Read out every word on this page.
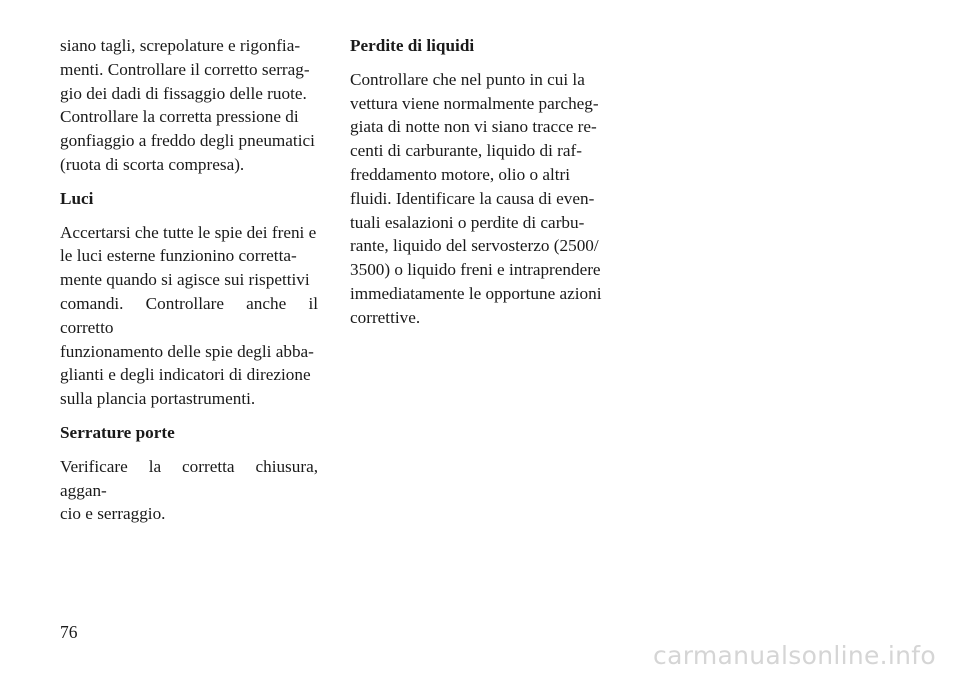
siano tagli, screpolature e rigonfia-

menti. Controllare il corretto serrag-

gio dei dadi di fissaggio delle ruote.

Controllare la corretta pressione di

gonfiaggio a freddo degli pneumatici

(ruota di scorta compresa).

Luci

Accertarsi che tutte le spie dei freni e

le luci esterne funzionino corretta-

mente quando si agisce sui rispettivi

comandi. Controllare anche il corretto

funzionamento delle spie degli abba-

glianti e degli indicatori di direzione

sulla plancia portastrumenti.

Serrature porte

Verificare la corretta chiusura, aggan-

cio e serraggio.

Perdite di liquidi

Controllare che nel punto in cui la

vettura viene normalmente parcheg-

giata di notte non vi siano tracce re-

centi di carburante, liquido di raf-

freddamento motore, olio o altri

fluidi. Identificare la causa di even-

tuali esalazioni o perdite di carbu-

rante, liquido del servosterzo (2500/

3500) o liquido freni e intraprendere

immediatamente le opportune azioni

correttive.

76
carmanualsonline.info
